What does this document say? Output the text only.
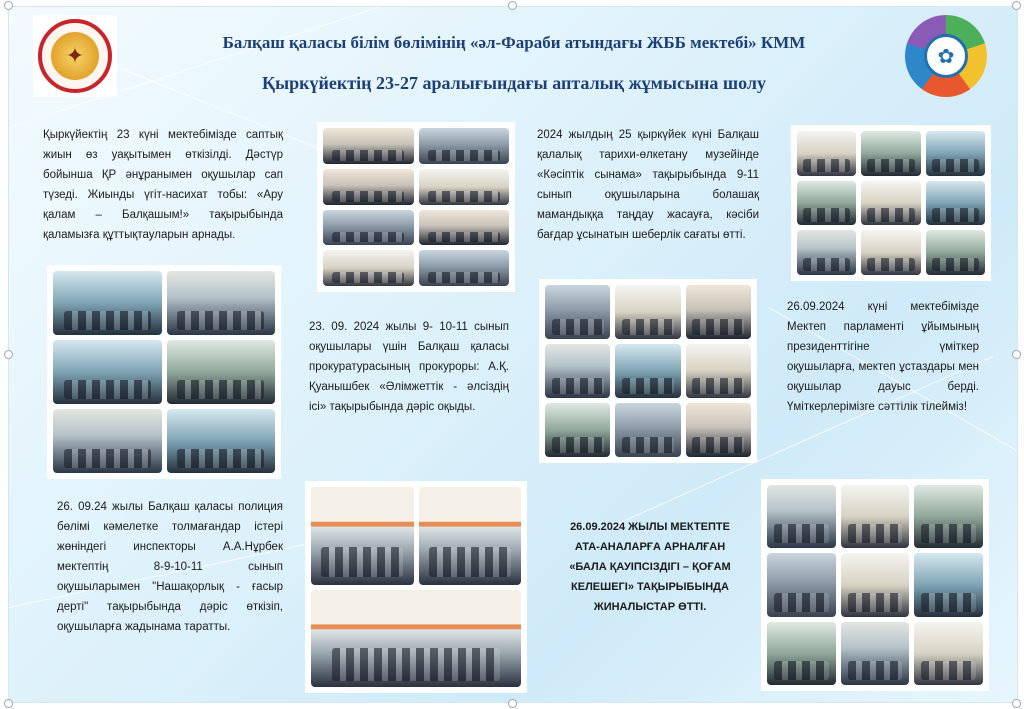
✦	✿
Балқаш қаласы білім бөлімінің «әл-Фараби атындағы ЖББ мектебі» КММ
Қыркүйектің 23-27 аралығындағы апталық жұмысына шолу
Қыркүйектің 23 күні мектебімізде саптық жиын өз уақытымен өткізілді. Дәстүр бойынша ҚР әнұранымен оқушылар сап түзеді. Жиынды үгіт-насихат тобы: «Ару қалам – Балқашым!» тақырыбында қаламызға құттықтауларын арнады.
23. 09. 2024 жылы 9- 10-11 сынып оқушылары үшін Балқаш қаласы прокуратурасының прокуроры: А.Қ. Қуанышбек «Әлімжеттік - әлсіздің ісі» тақырыбында дәріс оқыды.
2024 жылдың 25 қыркүйек күні Балқаш қалалық тарихи-өлкетану музейінде «Кәсіптік сынама» тақырыбында 9-11 сынып оқушыларына болашақ мамандыққа таңдау жасауға, кәсіби бағдар ұсынатын шеберлік сағаты өтті.
26.09.2024 күні мектебімізде Мектеп парламенті ұйымының президенттігіне үміткер оқушыларға, мектеп ұстаздары мен оқушылар дауыс берді. Үміткерлерімізге сәттілік тілейміз!
26. 09.24 жылы Балқаш қаласы полиция бөлімі кәмелетке толмағандар істері жөніндегі инспекторы А.А.Нұрбек мектептің 8-9-10-11 сынып оқушыларымен "Нашақорлық - ғасыр дерті" тақырыбында дәріс өткізіп, оқушыларға жадынама таратты.
26.09.2024 ЖЫЛЫ МЕКТЕПТЕ АТА-АНАЛАРҒА АРНАЛҒАН «БАЛА ҚАУІПСІЗДІГІ – ҚОҒАМ КЕЛЕШЕГІ» ТАҚЫРЫБЫНДА ЖИНАЛЫСТАР ӨТТІ.
